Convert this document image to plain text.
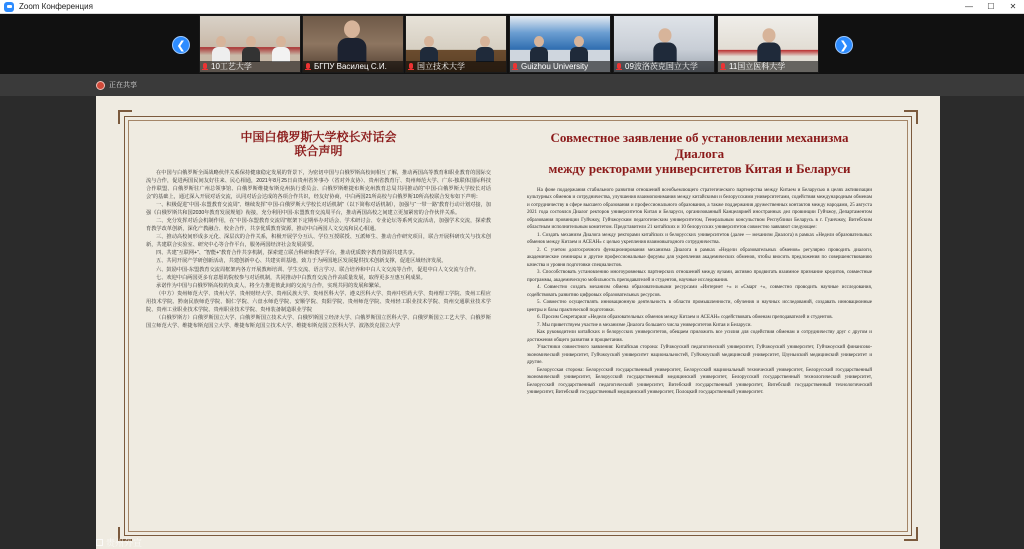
Zoom Конференция	—	☐	✕
❮
10工艺大学	БГПУ Василец С.И.	国立技术大学	Guizhou University	09波洛茨克国立大学	11国立医科大学
❯
正在共享
中国白俄罗斯大学校长对话会
联合声明

在中国与白俄罗斯全面战略伙伴关系保持健康稳定发展的背景下，为密切中国与白俄罗斯高校间相互了解，推动两国高等教育和职业教育的国际交流与合作，促进两国民间友好往来、民心相通，2021年8月25日由贵州省外事办（省对外友协）、贵州省教育厅、贵州师范大学、广东-独联体国际科技合作联盟、白俄罗斯驻广州总领事馆、白俄罗斯维捷布斯克州执行委员会、白俄罗斯维捷布斯克州教育总局共同推动的“中国-白俄罗斯大学校长对话会”的基础上，通过深入开展对话交流，认同对话会达成的各项合作共识，经友好协商，中白两国21所高校与白俄罗斯10所高校联合发布如下声明：

一、积极促进“中国-东盟教育交流周”、继续发挥“中国-白俄罗斯大学校长对话机制”（以下简称对话机制），加强与“一带一路”教育行动计划对接，加强《白俄罗斯共和国2030年教育发展规划》衔接，充分利用中国-东盟教育交流周平台，推动两国高校之间建立更加紧密的合作伙伴关系。

二、充分发挥对话会机制作用，在“中国-东盟教育交流周”框架下定期举办对话会、学术研讨会、专业论坛等系列交流活动，加强学术交流，探索教育教学改革创新，深化产教融合、校企合作，共享优质教育资源，推动中白两国人文交流和民心相通。

三、推动高校间形成多元化、深层次的合作关系，积极开展学分互认、学位互授联授、互派师生、推动合作研究项目，联合开展科研攻关与技术创新，共建联合实验室、研究中心等合作平台，服务两国经济社会发展需要。

四、共建“互联网+”、“智能+”教育合作共享机制，探索建立联合科研和教学平台，推动优质数字教育资源共建共享。

五、共同开展产学研创新活动，共建创新中心、共建实训基地，致力于为两国地区发展提供技术创新支撑，促进区域经济发展。

六、鼓励中国-东盟教育交流周框架内各方开展教师培训、学生交流、语言学习、联合培养和中白人文交流等合作，促进中白人文交流与合作。

七、欢迎中白两国更多有意愿的院校参与对话机制，共同推动中白教育交流合作高质量发展，取得更多互惠互利成果。

承诺作为中国与白俄罗斯高校的负责人，将全力推进彼此间的交流与合作，实现共同的发展和繁荣。

（中方）贵州师范大学、贵州大学、贵州财经大学、贵州民族大学、贵州医科大学、遵义医科大学、贵州中医药大学、贵州理工学院、贵州工程应用技术学院、黔南民族师范学院、铜仁学院、六盘水师范学院、安顺学院、贵阳学院、贵州师范学院、贵州轻工职业技术学院、贵州交通职业技术学院、贵州工业职业技术学院、贵州职业技术学院、贵州装备制造职业学院

（白俄罗斯方）白俄罗斯国立大学、白俄罗斯国立技术大学、白俄罗斯国立经济大学、白俄罗斯国立医科大学、白俄罗斯国立工艺大学、白俄罗斯国立师范大学、维捷布斯克国立大学、维捷布斯克国立技术大学、维捷布斯克国立医科大学、波洛茨克国立大学

Совместное заявление об установлении механизма Диалога
между ректорами университетов Китая и Беларуси

На фоне поддержания стабильного развития отношений всеобъемлющего стратегического партнерства между Китаем и Беларусью в целях активизации культурных обменов и сотрудничества, улучшения взаимопонимания между китайскими и белорусскими университетами, содействия международным обменам и сотрудничеству в сфере высшего образования и профессионального образования, а также поддержания дружественных контактов между народами, 25 августа 2021 года состоялся Диалог ректоров университетов Китая и Беларуси, организованный Канцелярией иностранных дел провинции Гуйчжоу, Департаментом образования провинции Гуйчжоу, Гуйчжоуским педагогическим университетом, Генеральным консульством Республики Беларусь в г. Гуанчжоу, Витебским областным исполнительным комитетом. Представители 21 китайских и 10 белорусских университетов совместно заявляют следующее:

1. Создать механизм Диалога между ректорами китайских и белорусских университетов (далее — механизм Диалога) в рамках «Недели образовательных обменов между Китаем и АСЕАН» с целью укрепления взаимовыгодного сотрудничества.

2. С учетом долгосрочного функционирования механизма Диалога в рамках «Недели образовательных обменов» регулярно проводить диалоги, академические семинары и другие профессиональные форумы для укрепления академических обменов, чтобы вносить предложения по совершенствованию качества и уровня подготовки специалистов.

3. Способствовать установлению многоуровневых партнерских отношений между вузами, активно продвигать взаимное признание кредитов, совместные программы, академическую мобильность преподавателей и студентов, научные исследования.

4. Совместно создать механизм обмена образовательными ресурсами «Интернет +» и «Смарт +», совместно проводить научные исследования, содействовать развитию цифровых образовательных ресурсов.

5. Совместно осуществлять инновационную деятельность в области промышленности, обучения и научных исследований, создавать инновационные центры и базы практической подготовки.

6. Просим Секретариат «Недели образовательных обменов между Китаем и АСЕАН» содействовать обменам преподавателей и студентов.

7. Мы приветствуем участие в механизме Диалога большего числа университетов Китая и Беларуси.

Как руководители китайских и белорусских университетов, обещаем приложить все усилия для содействия обменам и сотрудничеству друг с другом и достижения общего развития и процветания.

Участники совместного заявления: Китайская сторона: Гуйчжоуский педагогический университет, Гуйчжоуский университет, Гуйчжоуский финансово-экономический университет, Гуйчжоуский университет национальностей, Гуйчжоуский медицинский университет, Цзуньиский медицинский университет и другие.

Белорусская сторона: Белорусский государственный университет, Белорусский национальный технический университет, Белорусский государственный экономический университет, Белорусский государственный медицинский университет, Белорусский государственный технологический университет, Белорусский государственный педагогический университет, Витебский государственный университет, Витебский государственный технологический университет, Витебский государственный медицинский университет, Полоцкий государственный университет.

贵州外宣
